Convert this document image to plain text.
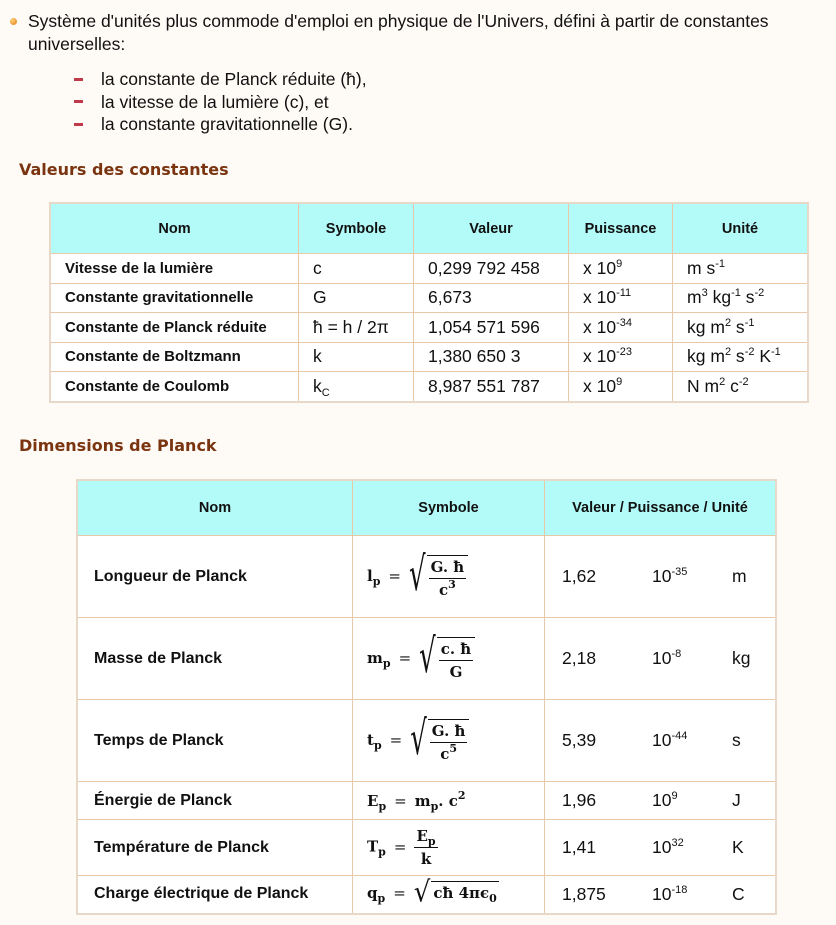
Système d'unités plus commode d'emploi en physique de l'Univers, défini à partir de constantes universelles:
la constante de Planck réduite (ħ),
la vitesse de la lumière (c), et
la constante gravitationnelle (G).
Valeurs des constantes
Nom	Symbole	Valeur	Puissance	Unité
Vitesse de la lumière	c	0,299 792 458	x $10^9$	m $s^{-1}$
Constante gravitationnelle	G	6,673	x $10^{-11}$	$m^3$ $kg^{-1}$ $s^{-2}$
Constante de Planck réduite	ħ = h / 2π	1,054 571 596	x $10^{-34}$	kg $m^2$ $s^{-1}$
Constante de Boltzmann	k	1,380 650 3	x $10^{-23}$	kg $m^2$ $s^{-2}$ $K^{-1}$
Constante de Coulomb	$k_C$	8,987 551 787	x $10^9$	N $m^2$ $c^{-2}$
Dimensions de Planck
Nom	Symbole	Valeur / Puissance / Unité
Longueur de Planck	$l_p$ = √ $\frac{G. ħ}{c^3}$	1,62 $10^{-35}$ m

Masse de Planck	$m_p$ = √ $\frac{c. ħ}{G}$	2,18 $10^{-8}$ kg

Temps de Planck	$t_p$ = √ $\frac{G. ħ}{c^5}$	5,39 $10^{-44}$ s

Énergie de Planck	$E_p = m_p$. $c^2$	1,96 $10^9$ J

Température de Planck	$T_p = \frac{E_p}{k}$	1,41 $10^{32}$ K

Charge électrique de Planck	$q_p$ = √ cħ $4\pi\epsilon_0$	1,875 $10^{-18}$ C
